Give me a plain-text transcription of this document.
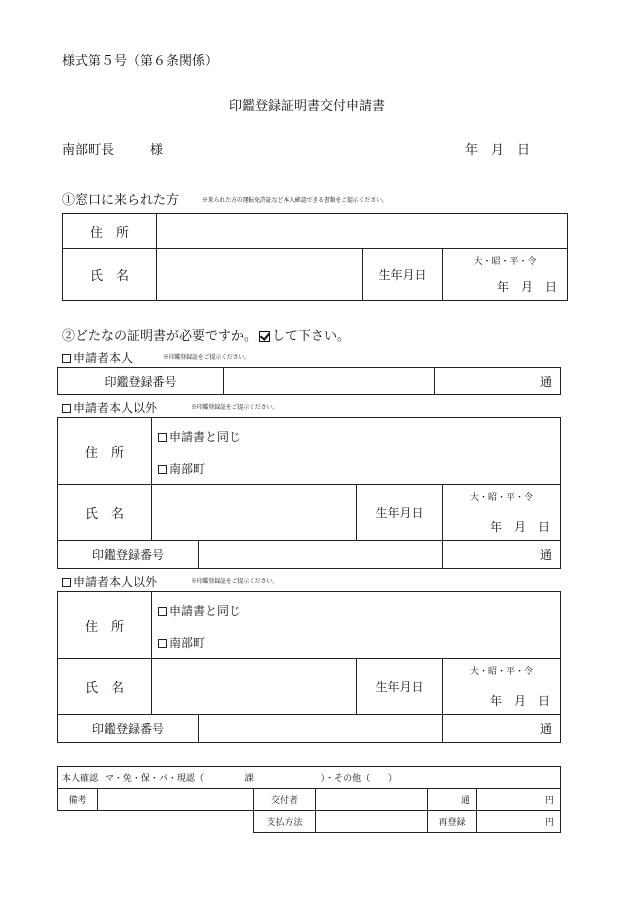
様式第５号（第６条関係）
印鑑登録証明書交付申請書
南部町長	様	年　月　日
①窓口に来られた方	※来られた方の運転免許証など本人確認できる書類をご提示ください。
住　所			
氏　名		生年月日	大・昭・平・令
年　月　日
②どたなの証明書が必要ですか。 して下さい。
申請者本人	※印鑑登録証をご提示ください。
印鑑登録番号		通
申請者本人以外	※印鑑登録証をご提示ください。
住　所	申請書と同じ
南部町			

氏　名			生年月日	大・昭・平・令
年　月　日

印鑑登録番号				通
申請者本人以外	※印鑑登録証をご提示ください。
住　所	申請書と同じ
南部町			

氏　名			生年月日	大・昭・平・令
年　月　日

印鑑登録番号				通
本人確認 マ・免・保・パ・現認（ 課 ）・その他（　　）					
備考		交付者		通	円
		支払方法		再登録	円
